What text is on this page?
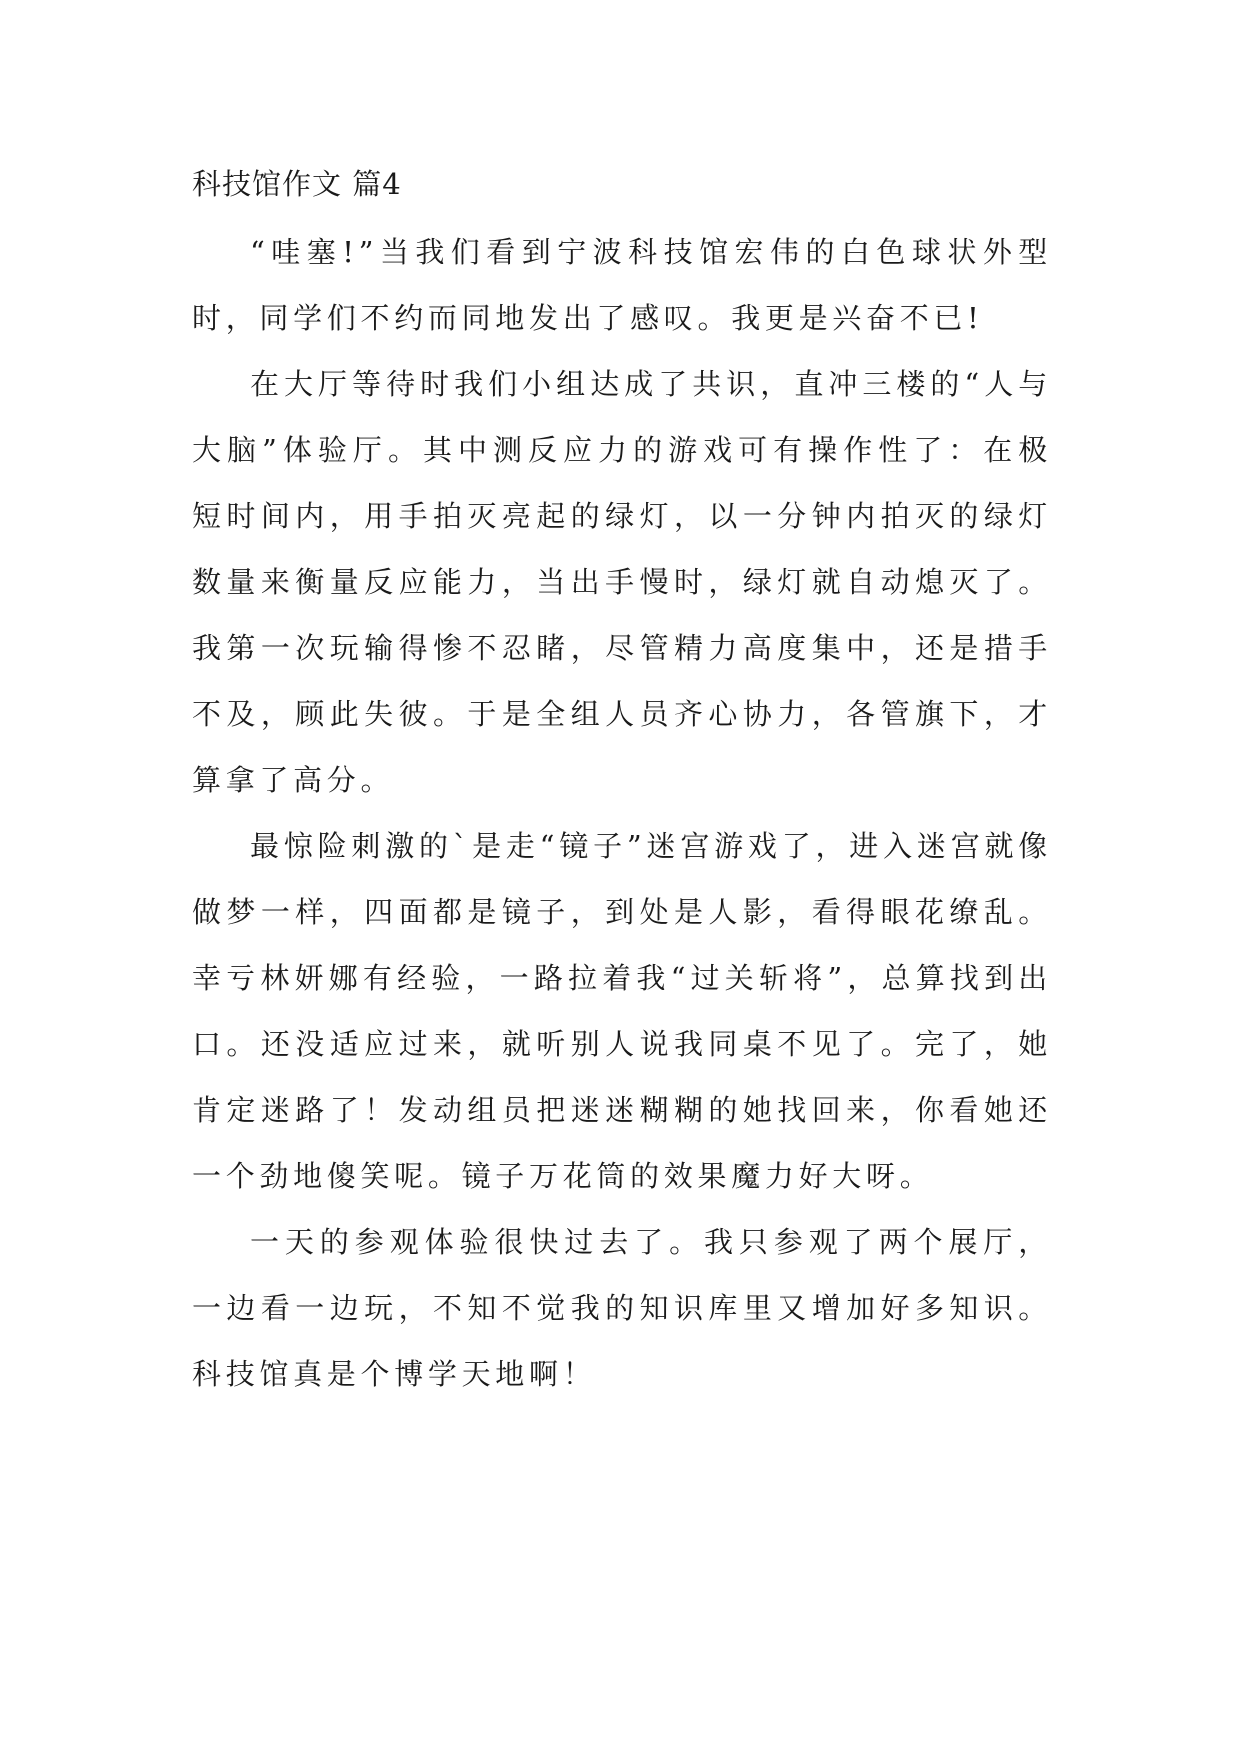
科技馆作文 篇4

“哇塞!”当我们看到宁波科技馆宏伟的白色球状外型时，同学们不约而同地发出了感叹。我更是兴奋不已!

在大厅等待时我们小组达成了共识，直冲三楼的“人与大脑”体验厅。其中测反应力的游戏可有操作性了：在极短时间内，用手拍灭亮起的绿灯，以一分钟内拍灭的绿灯数量来衡量反应能力，当出手慢时，绿灯就自动熄灭了。我第一次玩输得惨不忍睹，尽管精力高度集中，还是措手不及，顾此失彼。于是全组人员齐心协力，各管旗下，才算拿了高分。

最惊险刺激的`是走“镜子”迷宫游戏了，进入迷宫就像做梦一样，四面都是镜子，到处是人影，看得眼花缭乱。幸亏林妍娜有经验，一路拉着我“过关斩将”，总算找到出口。还没适应过来，就听别人说我同桌不见了。完了，她肯定迷路了！发动组员把迷迷糊糊的她找回来，你看她还一个劲地傻笑呢。镜子万花筒的效果魔力好大呀。

一天的参观体验很快过去了。我只参观了两个展厅，一边看一边玩，不知不觉我的知识库里又增加好多知识。科技馆真是个博学天地啊！
